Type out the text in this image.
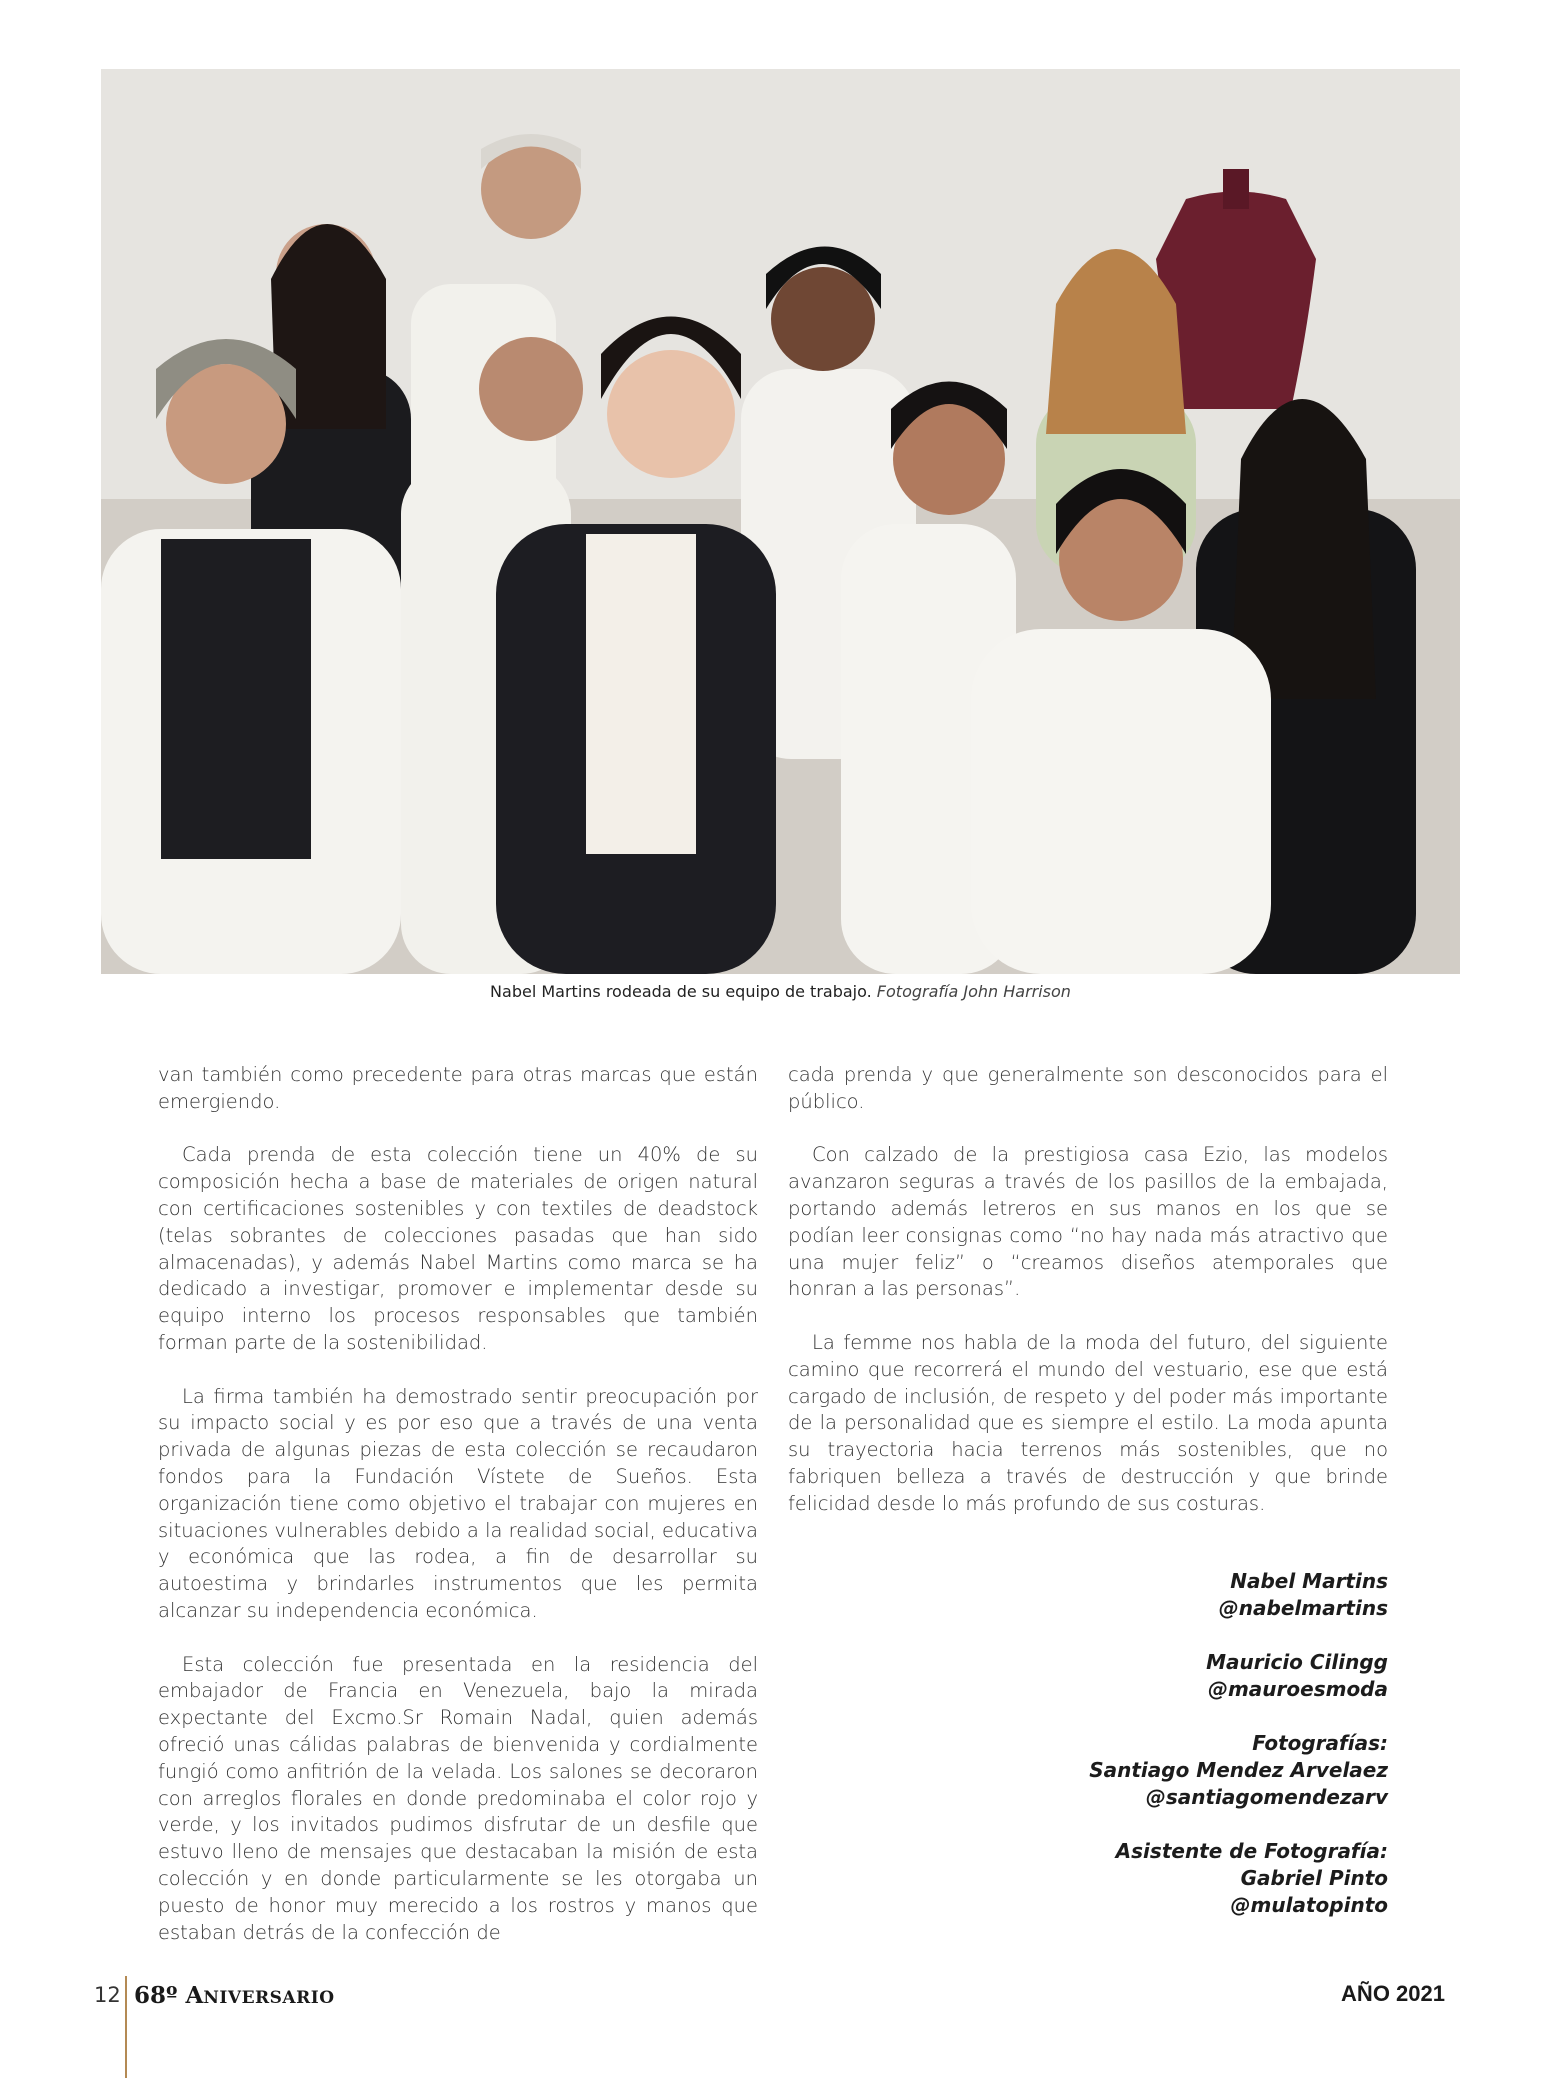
Nabel Martins rodeada de su equipo de trabajo. Fotografía John Harrison

van también como precedente para otras marcas que están emergiendo.

Cada prenda de esta colección tiene un 40% de su composición hecha a base de materiales de origen natural con certificaciones sostenibles y con textiles de deadstock (telas sobrantes de colecciones pasadas que han sido almacenadas), y además Nabel Martins como marca se ha dedicado a investigar, promover e implementar desde su equipo interno los procesos responsables que también forman parte de la sostenibilidad.

La firma también ha demostrado sentir preocupación por su impacto social y es por eso que a través de una venta privada de algunas piezas de esta colección se recaudaron fondos para la Fundación Vístete de Sueños. Esta organización tiene como objetivo el trabajar con mujeres en situaciones vulnerables debido a la realidad social, educativa y económica que las rodea, a fin de desarrollar su autoestima y brindarles instrumentos que les permita alcanzar su independencia económica.

Esta colección fue presentada en la residencia del embajador de Francia en Venezuela, bajo la mirada expectante del Excmo.Sr Romain Nadal, quien además ofreció unas cálidas palabras de bienvenida y cordialmente fungió como anfitrión de la velada. Los salones se decoraron con arreglos florales en donde predominaba el color rojo y verde, y los invitados pudimos disfrutar de un desfile que estuvo lleno de mensajes que destacaban la misión de esta colección y en donde particularmente se les otorgaba un puesto de honor muy merecido a los rostros y manos que estaban detrás de la confección de

cada prenda y que generalmente son desconocidos para el público.

Con calzado de la prestigiosa casa Ezio, las modelos avanzaron seguras a través de los pasillos de la embajada, portando además letreros en sus manos en los que se podían leer consignas como “no hay nada más atractivo que una mujer feliz” o “creamos diseños atemporales que honran a las personas”.

La femme nos habla de la moda del futuro, del siguiente camino que recorrerá el mundo del vestuario, ese que está cargado de inclusión, de respeto y del poder más importante de la personalidad que es siempre el estilo. La moda apunta su trayectoria hacia terrenos más sostenibles, que no fabriquen belleza a través de destrucción y que brinde felicidad desde lo más profundo de sus costuras.

Nabel Martins
@nabelmartins
Mauricio Cilingg
@mauroesmoda
Fotografías:
Santiago Mendez Arvelaez
@santiagomendezarv
Asistente de Fotografía:
Gabriel Pinto
@mulatopinto
12 68º ANIVERSARIO	AÑO 2021
